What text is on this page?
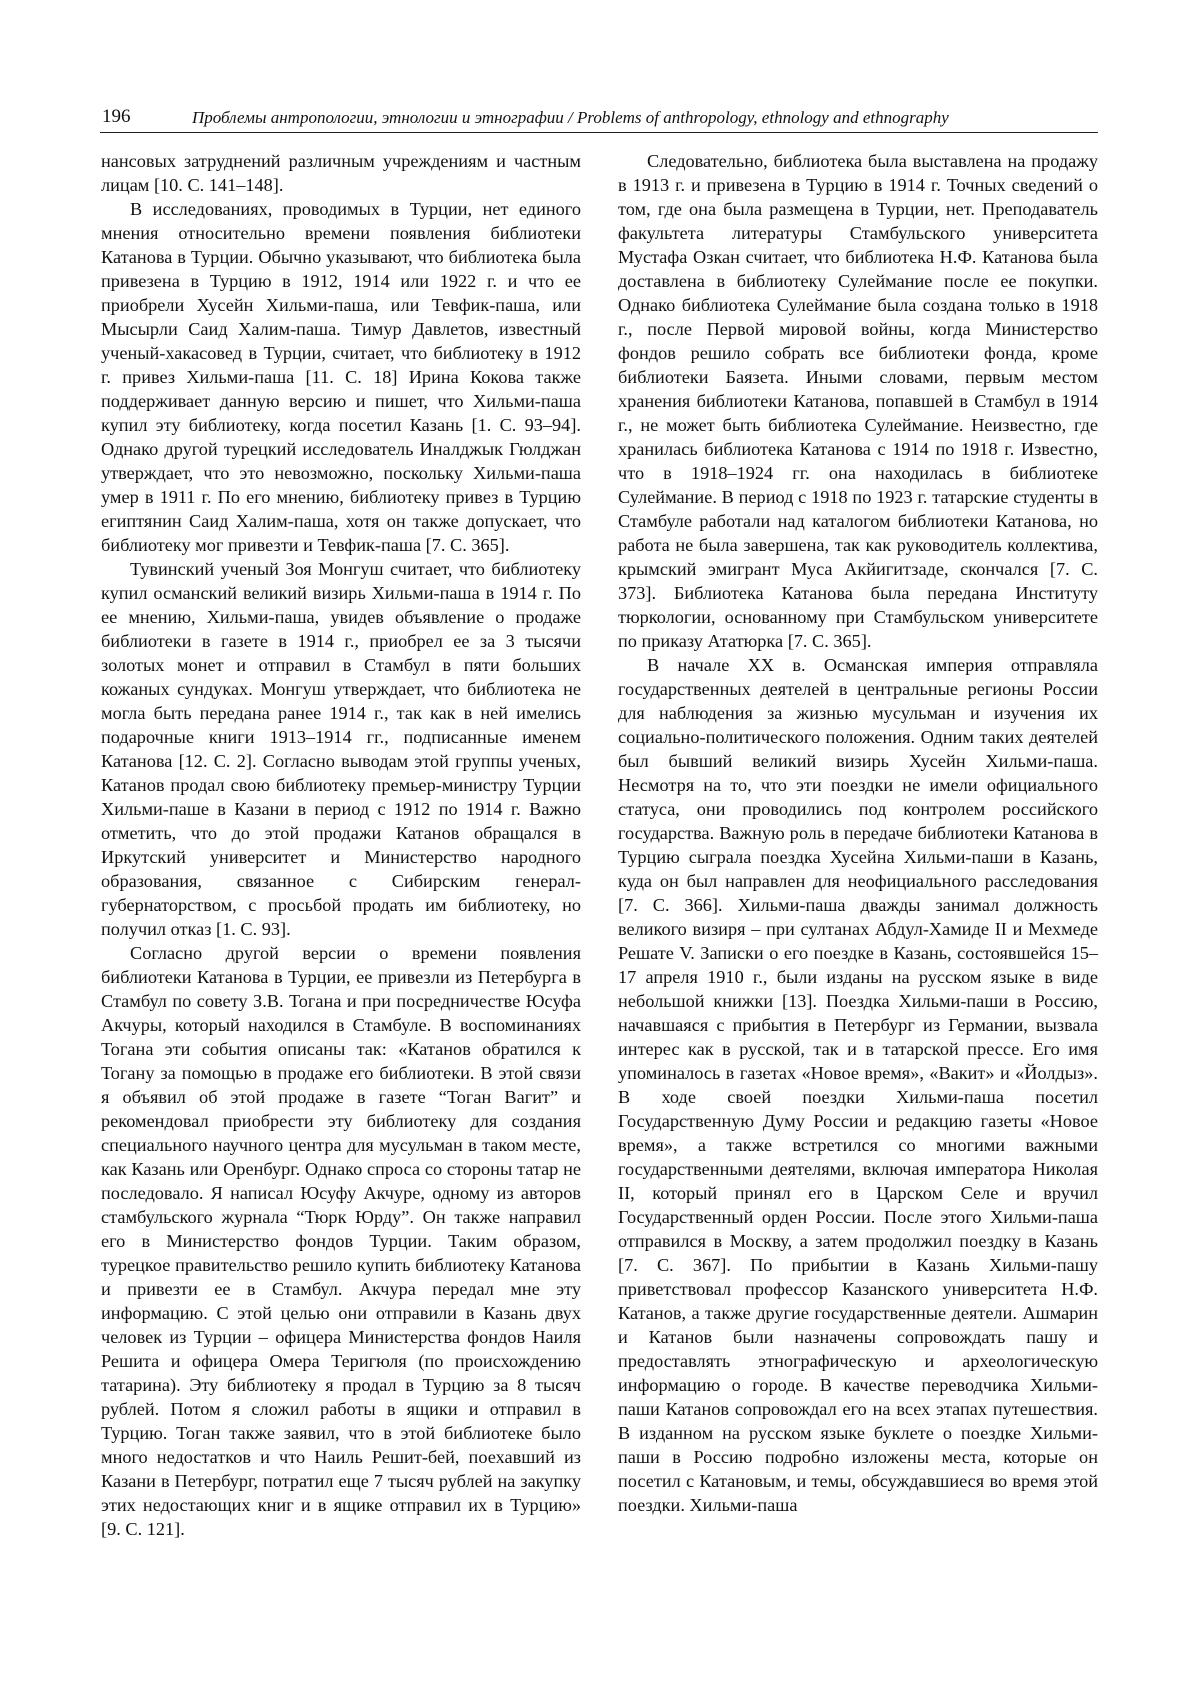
196	Проблемы антропологии, этнологии и этнографии / Problems of anthropology, ethnology and ethnography

нансовых затруднений различным учреждениям и частным лицам [10. С. 141–148].

В исследованиях, проводимых в Турции, нет единого мнения относительно времени появления библиотеки Катанова в Турции. Обычно указывают, что библиотека была привезена в Турцию в 1912, 1914 или 1922 г. и что ее приобрели Хусейн Хильми-паша, или Тевфик-паша, или Мысырли Саид Халим-паша. Тимур Давлетов, известный ученый-хакасовед в Турции, считает, что библиотеку в 1912 г. привез Хильми-паша [11. С. 18] Ирина Кокова также поддерживает данную версию и пишет, что Хильми-паша купил эту библиотеку, когда посетил Казань [1. С. 93–94]. Однако другой турецкий исследователь Иналджык Гюлджан утверждает, что это невозможно, поскольку Хильми-паша умер в 1911 г. По его мнению, библиотеку привез в Турцию египтянин Саид Халим-паша, хотя он также допускает, что библиотеку мог привезти и Тевфик-паша [7. С. 365].

Тувинский ученый Зоя Монгуш считает, что библиотеку купил османский великий визирь Хильми-паша в 1914 г. По ее мнению, Хильми-паша, увидев объявление о продаже библиотеки в газете в 1914 г., приобрел ее за 3 тысячи золотых монет и отправил в Стамбул в пяти больших кожаных сундуках. Монгуш утверждает, что библиотека не могла быть передана ранее 1914 г., так как в ней имелись подарочные книги 1913–1914 гг., подписанные именем Катанова [12. С. 2]. Согласно выводам этой группы ученых, Катанов продал свою библиотеку премьер-министру Турции Хильми-паше в Казани в период с 1912 по 1914 г. Важно отметить, что до этой продажи Катанов обращался в Иркутский университет и Министерство народного образования, связанное с Сибирским генерал-губернаторством, с просьбой продать им библиотеку, но получил отказ [1. С. 93].

Согласно другой версии о времени появления библиотеки Катанова в Турции, ее привезли из Петербурга в Стамбул по совету З.В. Тогана и при посредничестве Юсуфа Акчуры, который находился в Стамбуле. В воспоминаниях Тогана эти события описаны так: «Катанов обратился к Тогану за помощью в продаже его библиотеки. В этой связи я объявил об этой продаже в газете “Тоган Вагит” и рекомендовал приобрести эту библиотеку для создания специального научного центра для мусульман в таком месте, как Казань или Оренбург. Однако спроса со стороны татар не последовало. Я написал Юсуфу Акчуре, одному из авторов стамбульского журнала “Тюрк Юрду”. Он также направил его в Министерство фондов Турции. Таким образом, турецкое правительство решило купить библиотеку Катанова и привезти ее в Стамбул. Акчура передал мне эту информацию. С этой целью они отправили в Казань двух человек из Турции – офицера Министерства фондов Наиля Решита и офицера Омера Теригюля (по происхождению татарина). Эту библиотеку я продал в Турцию за 8 тысяч рублей. Потом я сложил работы в ящики и отправил в Турцию. Тоган также заявил, что в этой библиотеке было много недостатков и что Наиль Решит-бей, поехавший из Казани в Петербург, потратил еще 7 тысяч рублей на закупку этих недостающих книг и в ящике отправил их в Турцию» [9. С. 121].

Следовательно, библиотека была выставлена на продажу в 1913 г. и привезена в Турцию в 1914 г. Точных сведений о том, где она была размещена в Турции, нет. Преподаватель факультета литературы Стамбульского университета Мустафа Озкан считает, что библиотека Н.Ф. Катанова была доставлена в библиотеку Сулеймание после ее покупки. Однако библиотека Сулеймание была создана только в 1918 г., после Первой мировой войны, когда Министерство фондов решило собрать все библиотеки фонда, кроме библиотеки Баязета. Иными словами, первым местом хранения библиотеки Катанова, попавшей в Стамбул в 1914 г., не может быть библиотека Сулеймание. Неизвестно, где хранилась библиотека Катанова с 1914 по 1918 г. Известно, что в 1918–1924 гг. она находилась в библиотеке Сулеймание. В период с 1918 по 1923 г. татарские студенты в Стамбуле работали над каталогом библиотеки Катанова, но работа не была завершена, так как руководитель коллектива, крымский эмигрант Муса Акйигитзаде, скончался [7. С. 373]. Библиотека Катанова была передана Институту тюркологии, основанному при Стамбульском университете по приказу Ататюрка [7. С. 365].

В начале XX в. Османская империя отправляла государственных деятелей в центральные регионы России для наблюдения за жизнью мусульман и изучения их социально-политического положения. Одним таких деятелей был бывший великий визирь Хусейн Хильми-паша. Несмотря на то, что эти поездки не имели официального статуса, они проводились под контролем российского государства. Важную роль в передаче библиотеки Катанова в Турцию сыграла поездка Хусейна Хильми-паши в Казань, куда он был направлен для неофициального расследования [7. С. 366]. Хильми-паша дважды занимал должность великого визиря – при султанах Абдул-Хамиде II и Мехмеде Решате V. Записки о его поездке в Казань, состоявшейся 15–17 апреля 1910 г., были изданы на русском языке в виде небольшой книжки [13]. Поездка Хильми-паши в Россию, начавшаяся с прибытия в Петербург из Германии, вызвала интерес как в русской, так и в татарской прессе. Его имя упоминалось в газетах «Новое время», «Вакит» и «Йолдыз». В ходе своей поездки Хильми-паша посетил Государственную Думу России и редакцию газеты «Новое время», а также встретился со многими важными государственными деятелями, включая императора Николая II, который принял его в Царском Селе и вручил Государственный орден России. После этого Хильми-паша отправился в Москву, а затем продолжил поездку в Казань [7. С. 367]. По прибытии в Казань Хильми-пашу приветствовал профессор Казанского университета Н.Ф. Катанов, а также другие государственные деятели. Ашмарин и Катанов были назначены сопровождать пашу и предоставлять этнографическую и археологическую информацию о городе. В качестве переводчика Хильми-паши Катанов сопровождал его на всех этапах путешествия. В изданном на русском языке буклете о поездке Хильми-паши в Россию подробно изложены места, которые он посетил с Катановым, и темы, обсуждавшиеся во время этой поездки. Хильми-паша
